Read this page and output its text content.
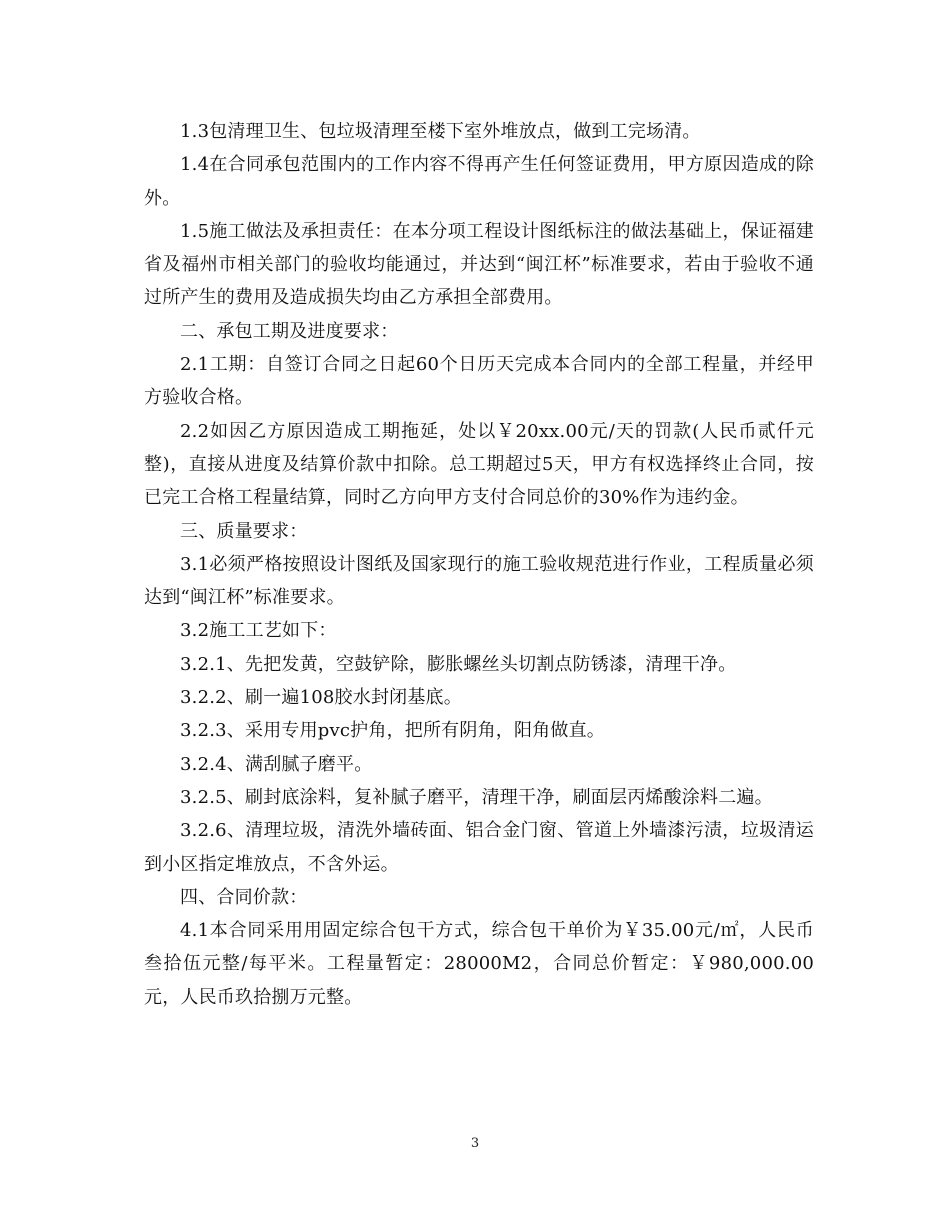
1.3包清理卫生、包垃圾清理至楼下室外堆放点，做到工完场清。

1.4在合同承包范围内的工作内容不得再产生任何签证费用，甲方原因造成的除外。

1.5施工做法及承担责任：在本分项工程设计图纸标注的做法基础上，保证福建省及福州市相关部门的验收均能通过，并达到“闽江杯”标准要求，若由于验收不通过所产生的费用及造成损失均由乙方承担全部费用。

二、承包工期及进度要求：

2.1工期：自签订合同之日起60个日历天完成本合同内的全部工程量，并经甲方验收合格。

2.2如因乙方原因造成工期拖延，处以￥20xx.00元/天的罚款(人民币贰仟元整)，直接从进度及结算价款中扣除。总工期超过5天，甲方有权选择终止合同，按已完工合格工程量结算，同时乙方向甲方支付合同总价的30%作为违约金。

三、质量要求：

3.1必须严格按照设计图纸及国家现行的施工验收规范进行作业，工程质量必须达到“闽江杯”标准要求。

3.2施工工艺如下：

3.2.1、先把发黄，空鼓铲除，膨胀螺丝头切割点防锈漆，清理干净。

3.2.2、刷一遍108胶水封闭基底。

3.2.3、采用专用pvc护角，把所有阴角，阳角做直。

3.2.4、满刮腻子磨平。

3.2.5、刷封底涂料，复补腻子磨平，清理干净，刷面层丙烯酸涂料二遍。

3.2.6、清理垃圾，清洗外墙砖面、铝合金门窗、管道上外墙漆污渍，垃圾清运到小区指定堆放点，不含外运。

四、合同价款：

4.1本合同采用用固定综合包干方式，综合包干单价为￥35.00元/㎡，人民币叁拾伍元整/每平米。工程量暂定：28000M2，合同总价暂定：￥980,000.00元，人民币玖拾捌万元整。

3
